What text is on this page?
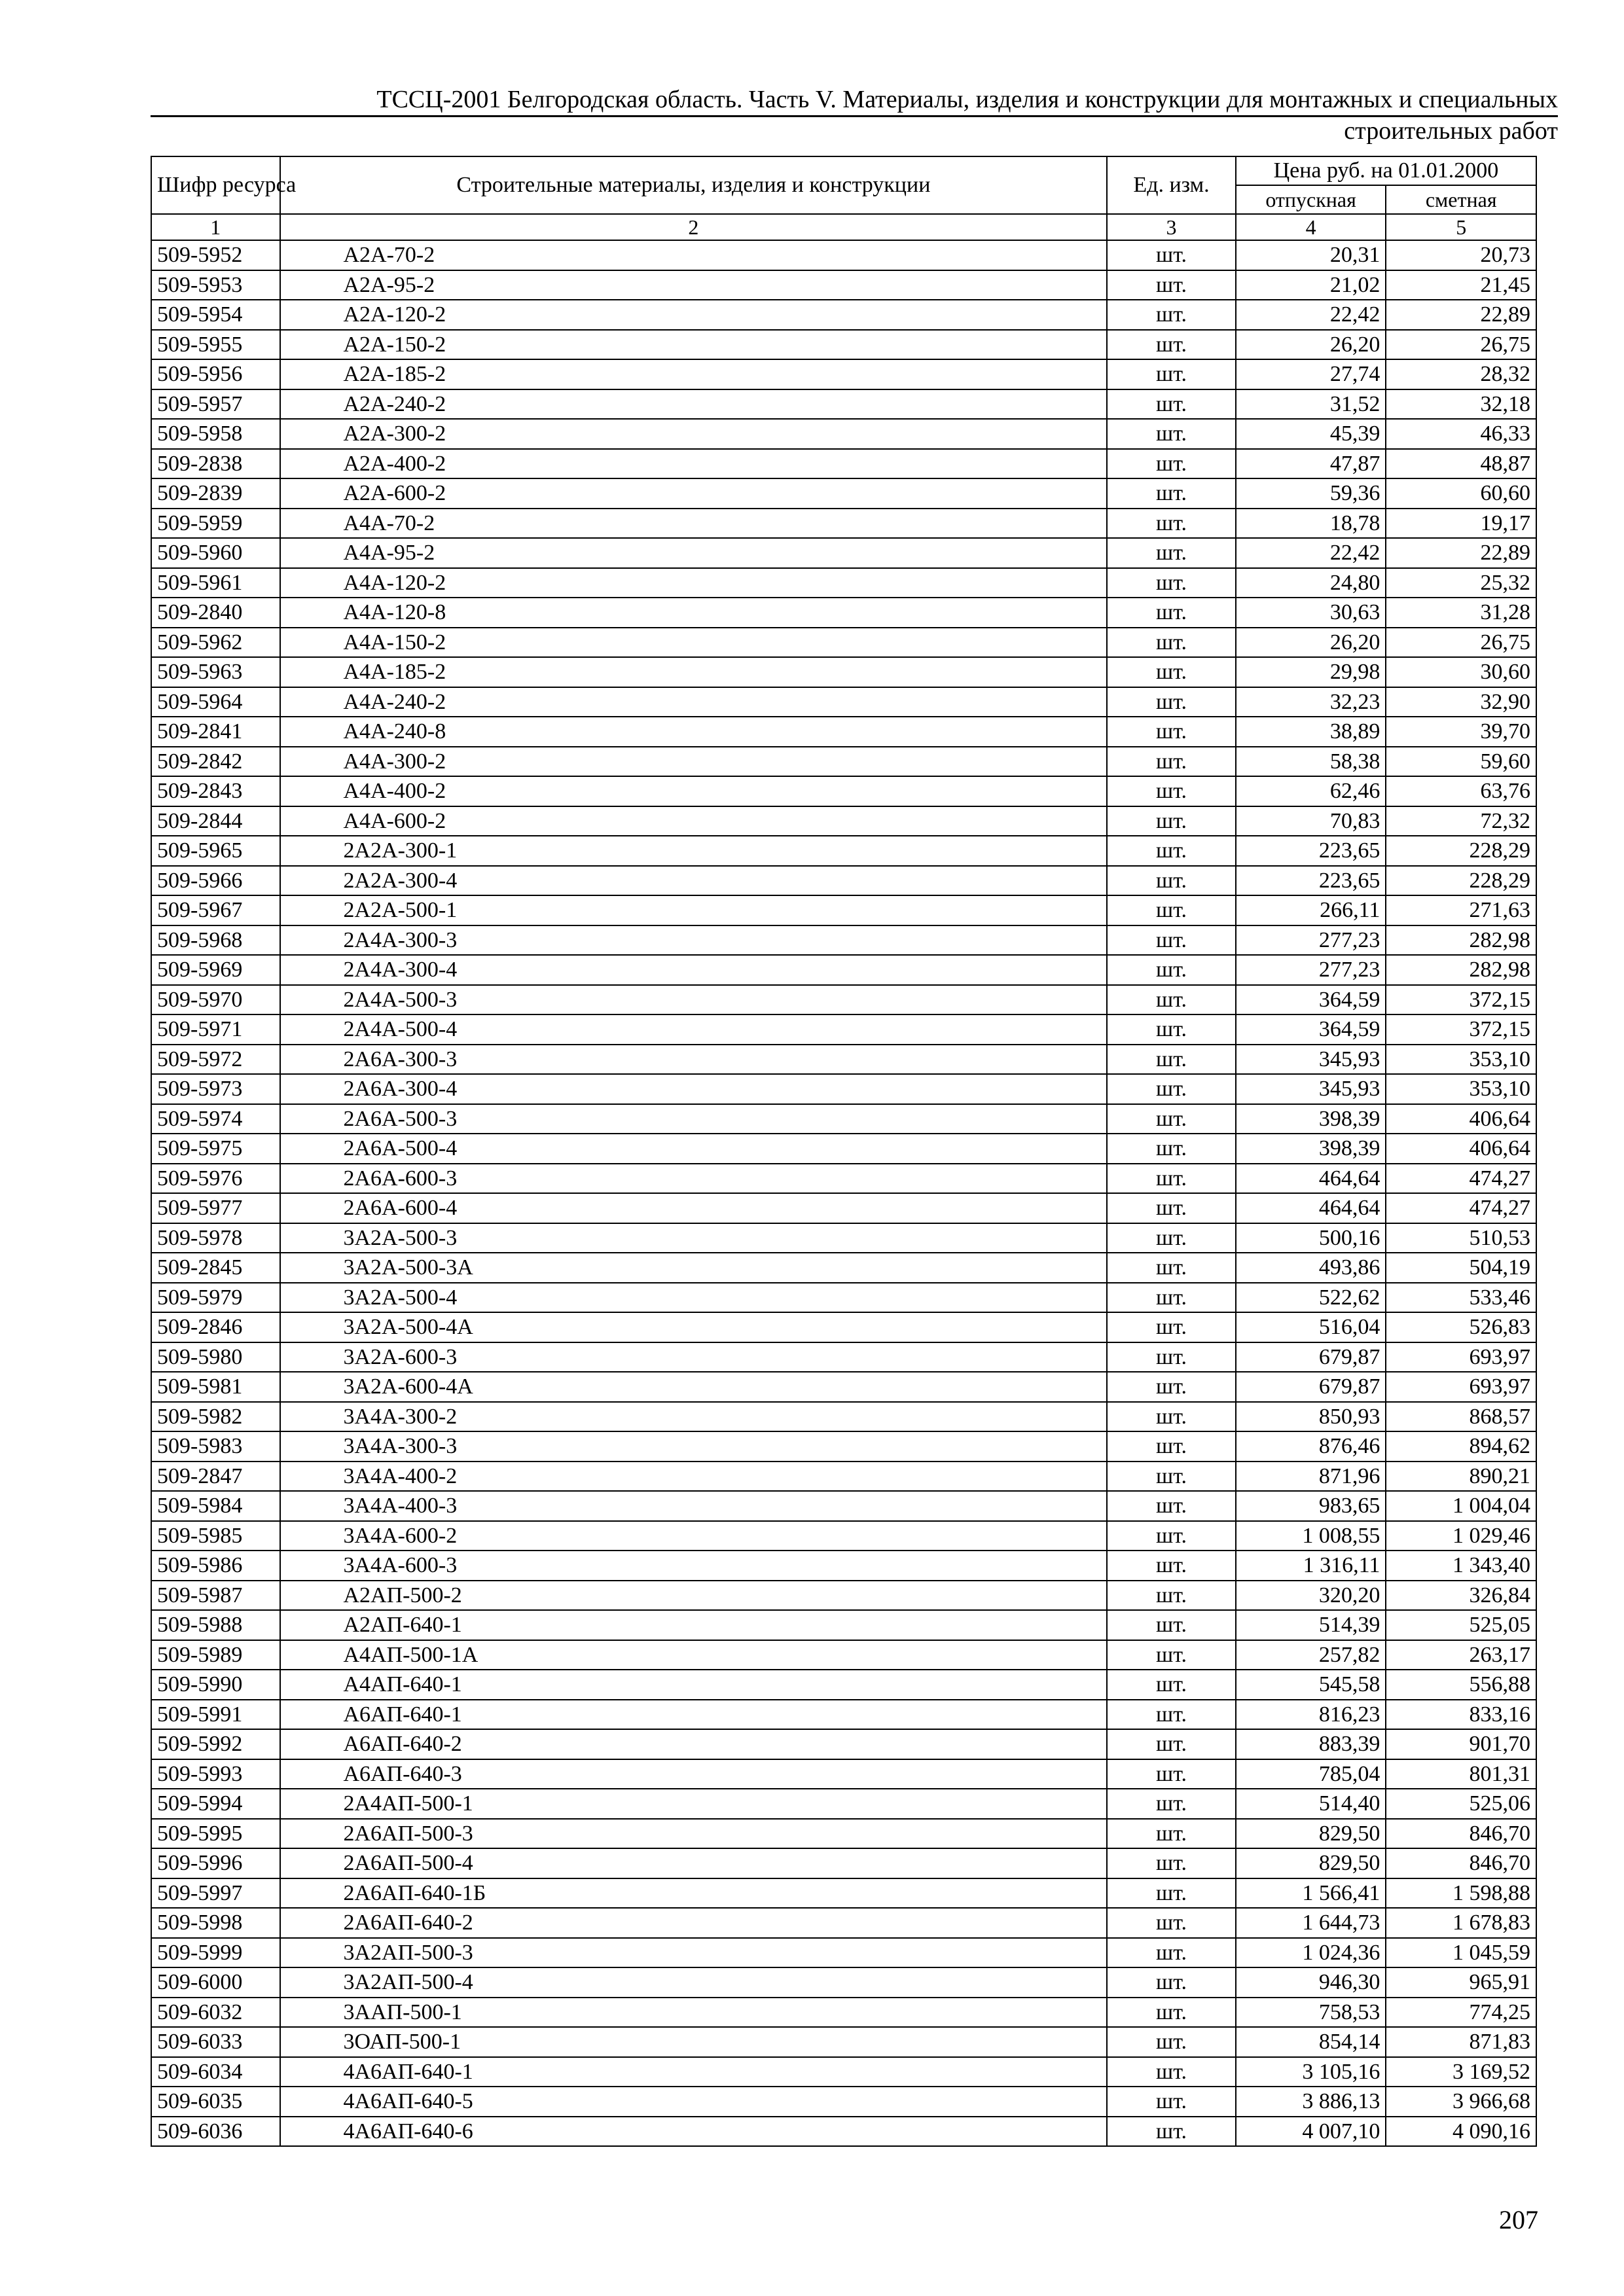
ТССЦ-2001 Белгородская область. Часть V. Материалы, изделия и конструкции для монтажных и специальных
строительных работ
Шифр ресурса	Строительные материалы, изделия и конструкции	Ед. изм.	Цена руб. на 01.01.2000	
			отпускная	сметная
1	2	3	4	5
509-5952	А2А-70-2	шт.	20,31	20,73
509-5953	А2А-95-2	шт.	21,02	21,45
509-5954	А2А-120-2	шт.	22,42	22,89
509-5955	А2А-150-2	шт.	26,20	26,75
509-5956	А2А-185-2	шт.	27,74	28,32
509-5957	А2А-240-2	шт.	31,52	32,18
509-5958	А2А-300-2	шт.	45,39	46,33
509-2838	А2А-400-2	шт.	47,87	48,87
509-2839	А2А-600-2	шт.	59,36	60,60
509-5959	А4А-70-2	шт.	18,78	19,17
509-5960	А4А-95-2	шт.	22,42	22,89
509-5961	А4А-120-2	шт.	24,80	25,32
509-2840	А4А-120-8	шт.	30,63	31,28
509-5962	А4А-150-2	шт.	26,20	26,75
509-5963	А4А-185-2	шт.	29,98	30,60
509-5964	А4А-240-2	шт.	32,23	32,90
509-2841	А4А-240-8	шт.	38,89	39,70
509-2842	А4А-300-2	шт.	58,38	59,60
509-2843	А4А-400-2	шт.	62,46	63,76
509-2844	А4А-600-2	шт.	70,83	72,32
509-5965	2А2А-300-1	шт.	223,65	228,29
509-5966	2А2А-300-4	шт.	223,65	228,29
509-5967	2А2А-500-1	шт.	266,11	271,63
509-5968	2А4А-300-3	шт.	277,23	282,98
509-5969	2А4А-300-4	шт.	277,23	282,98
509-5970	2А4А-500-3	шт.	364,59	372,15
509-5971	2А4А-500-4	шт.	364,59	372,15
509-5972	2А6А-300-3	шт.	345,93	353,10
509-5973	2А6А-300-4	шт.	345,93	353,10
509-5974	2А6А-500-3	шт.	398,39	406,64
509-5975	2А6А-500-4	шт.	398,39	406,64
509-5976	2А6А-600-3	шт.	464,64	474,27
509-5977	2А6А-600-4	шт.	464,64	474,27
509-5978	3А2А-500-3	шт.	500,16	510,53
509-2845	3А2А-500-3А	шт.	493,86	504,19
509-5979	3А2А-500-4	шт.	522,62	533,46
509-2846	3А2А-500-4А	шт.	516,04	526,83
509-5980	3А2А-600-3	шт.	679,87	693,97
509-5981	3А2А-600-4А	шт.	679,87	693,97
509-5982	3А4А-300-2	шт.	850,93	868,57
509-5983	3А4А-300-3	шт.	876,46	894,62
509-2847	3А4А-400-2	шт.	871,96	890,21
509-5984	3А4А-400-3	шт.	983,65	1 004,04
509-5985	3А4А-600-2	шт.	1 008,55	1 029,46
509-5986	3А4А-600-3	шт.	1 316,11	1 343,40
509-5987	А2АП-500-2	шт.	320,20	326,84
509-5988	А2АП-640-1	шт.	514,39	525,05
509-5989	А4АП-500-1А	шт.	257,82	263,17
509-5990	А4АП-640-1	шт.	545,58	556,88
509-5991	А6АП-640-1	шт.	816,23	833,16
509-5992	А6АП-640-2	шт.	883,39	901,70
509-5993	А6АП-640-3	шт.	785,04	801,31
509-5994	2А4АП-500-1	шт.	514,40	525,06
509-5995	2А6АП-500-3	шт.	829,50	846,70
509-5996	2А6АП-500-4	шт.	829,50	846,70
509-5997	2А6АП-640-1Б	шт.	1 566,41	1 598,88
509-5998	2А6АП-640-2	шт.	1 644,73	1 678,83
509-5999	3А2АП-500-3	шт.	1 024,36	1 045,59
509-6000	3А2АП-500-4	шт.	946,30	965,91
509-6032	3ААП-500-1	шт.	758,53	774,25
509-6033	3ОАП-500-1	шт.	854,14	871,83
509-6034	4А6АП-640-1	шт.	3 105,16	3 169,52
509-6035	4А6АП-640-5	шт.	3 886,13	3 966,68
509-6036	4А6АП-640-6	шт.	4 007,10	4 090,16
207
